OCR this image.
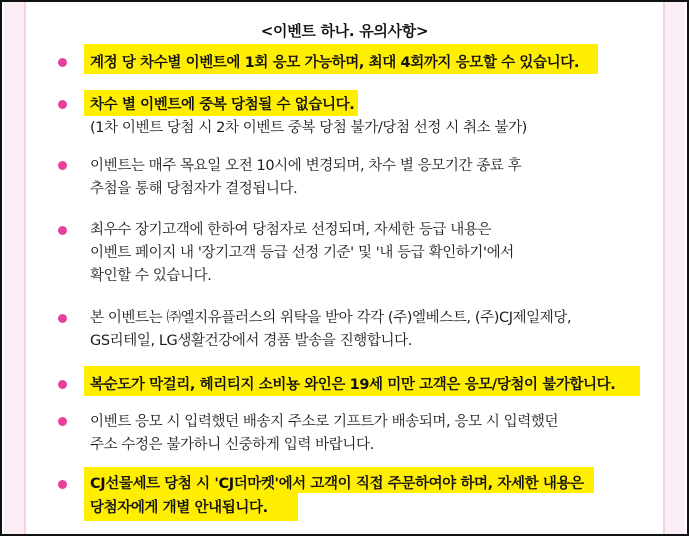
<이벤트 하나. 유의사항>
계정 당 차수별 이벤트에 1회 응모 가능하며, 최대 4회까지 응모할 수 있습니다.
차수 별 이벤트에 중복 당첨될 수 없습니다.
(1차 이벤트 당첨 시 2차 이벤트 중복 당첨 불가/당첨 선정 시 취소 불가)
이벤트는 매주 목요일 오전 10시에 변경되며, 차수 별 응모기간 종료 후
추첨을 통해 당첨자가 결정됩니다.
최우수 장기고객에 한하여 당첨자로 선정되며, 자세한 등급 내용은
이벤트 페이지 내 '장기고객 등급 선정 기준' 및 '내 등급 확인하기'에서
확인할 수 있습니다.
본 이벤트는 ㈜엘지유플러스의 위탁을 받아 각각 (주)엘베스트, (주)CJ제일제당,
GS리테일, LG생활건강에서 경품 발송을 진행합니다.
복순도가 막걸리, 헤리티지 소비뇽 와인은 19세 미만 고객은 응모/당첨이 불가합니다.
이벤트 응모 시 입력했던 배송지 주소로 기프트가 배송되며, 응모 시 입력했던
주소 수정은 불가하니 신중하게 입력 바랍니다.
CJ선물세트 당첨 시 'CJ더마켓'에서 고객이 직접 주문하여야 하며, 자세한 내용은
당첨자에게 개별 안내됩니다.
